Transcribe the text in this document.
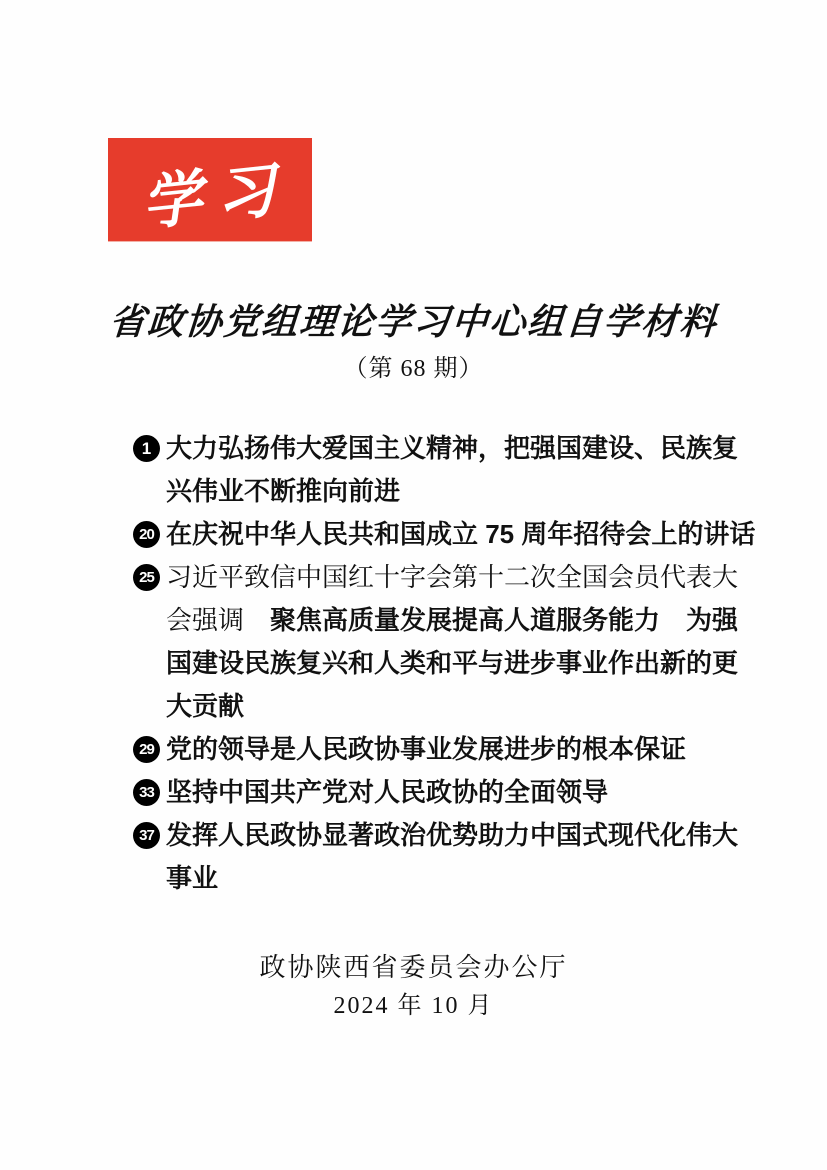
学习
省政协党组理论学习中心组自学材料
（第 68 期）
1 大力弘扬伟大爱国主义精神，把强国建设、民族复兴伟业不断推向前进
20 在庆祝中华人民共和国成立 75 周年招待会上的讲话
25 习近平致信中国红十字会第十二次全国会员代表大会强调　聚焦高质量发展提高人道服务能力　为强国建设民族复兴和人类和平与进步事业作出新的更大贡献
29 党的领导是人民政协事业发展进步的根本保证
33 坚持中国共产党对人民政协的全面领导
37 发挥人民政协显著政治优势助力中国式现代化伟大事业
政协陕西省委员会办公厅
2024 年 10 月
